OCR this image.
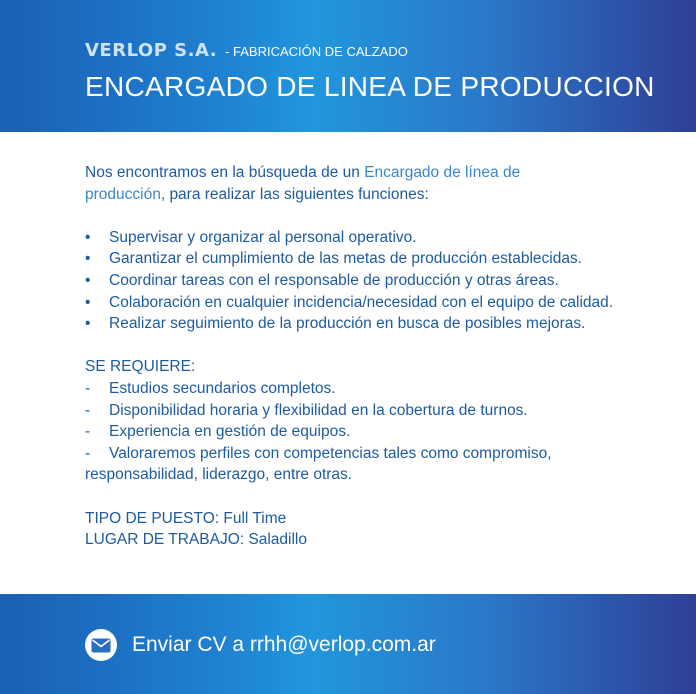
VERLOP S.A. - FABRICACIÓN DE CALZADO
ENCARGADO DE LINEA DE PRODUCCION

Nos encontramos en la búsqueda de un Encargado de línea de
producción, para realizar las siguientes funciones:

•	Supervisar y organizar al personal operativo.
•	Garantizar el cumplimiento de las metas de producción establecidas.
•	Coordinar tareas con el responsable de producción y otras áreas.
•	Colaboración en cualquier incidencia/necesidad con el equipo de calidad.
•	Realizar seguimiento de la producción en busca de posibles mejoras.

SE REQUIERE:

-	Estudios secundarios completos.
-	Disponibilidad horaria y flexibilidad en la cobertura de turnos.
-	Experiencia en gestión de equipos.
-	Valoraremos perfiles con competencias tales como compromiso, responsabilidad, liderazgo, entre otras.

TIPO DE PUESTO: Full Time

LUGAR DE TRABAJO: Saladillo

Enviar CV a rrhh@verlop.com.ar
